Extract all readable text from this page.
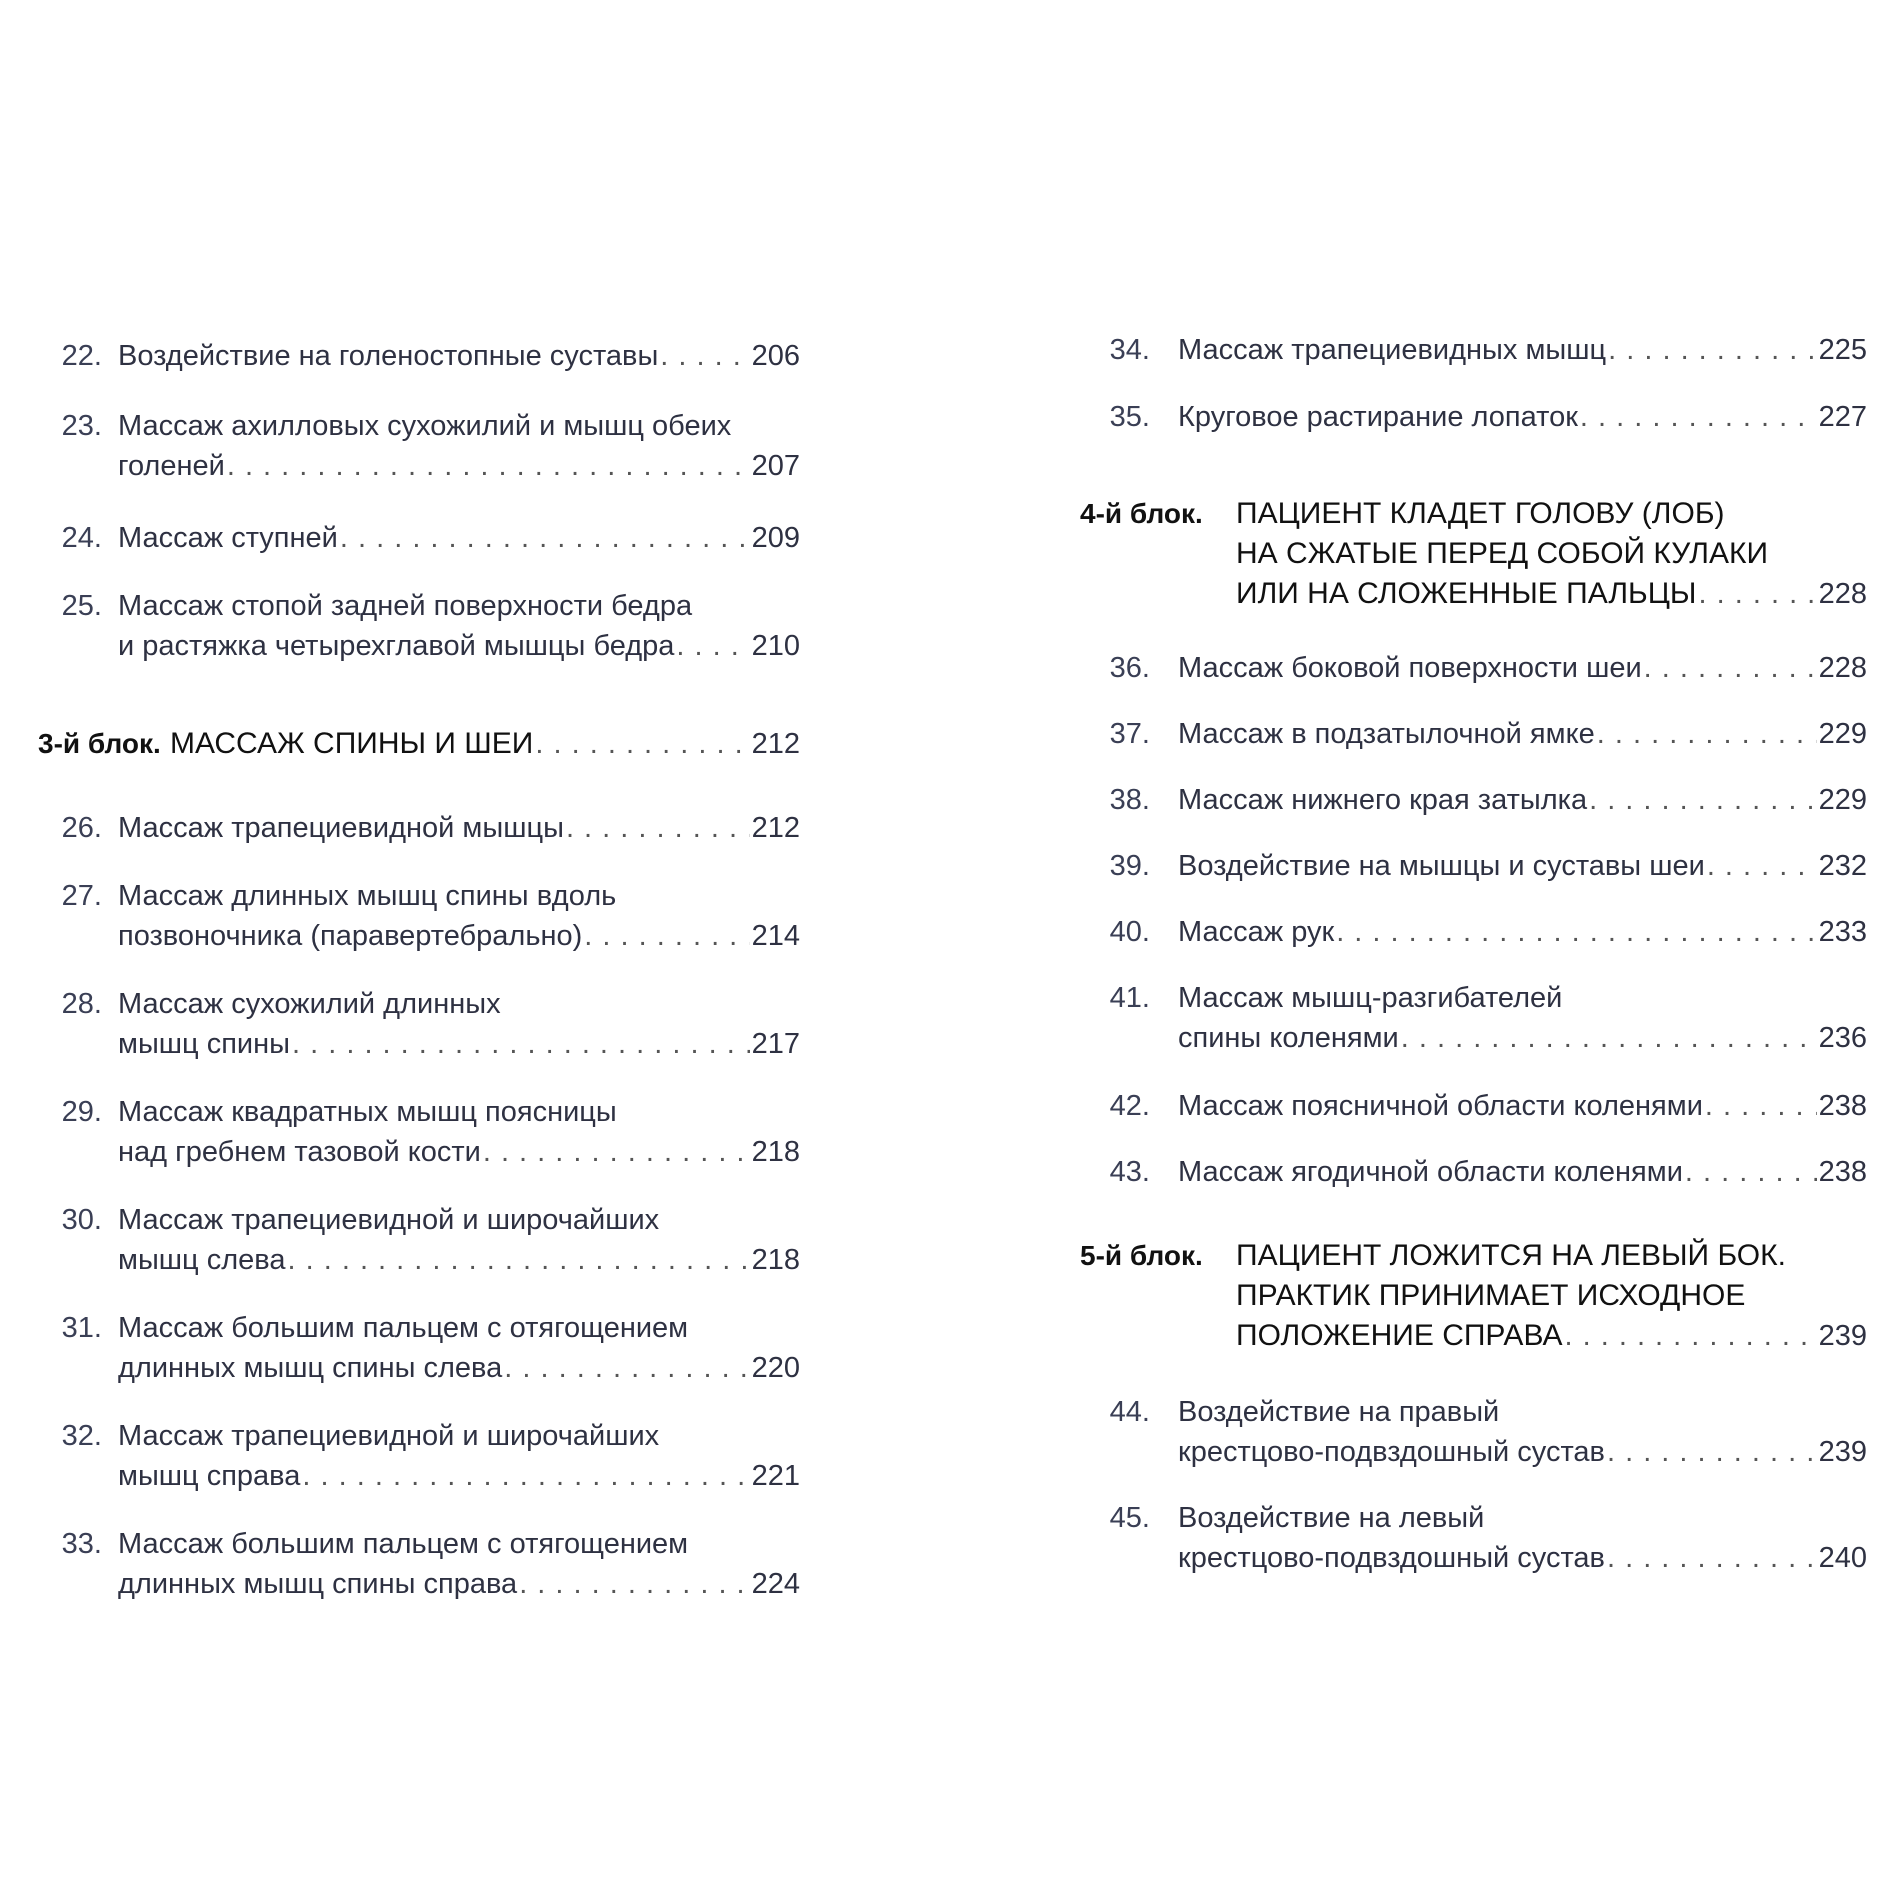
22. Воздействие на голеностопные суставы . . .	206
23. Массаж ахилловых сухожилий и мышц обеих
голеней . . .	207
24. Массаж ступней . . .	209
25. Массаж стопой задней поверхности бедра
и растяжка четырехглавой мышцы бедра . . .	210
3-й блок. МАССАЖ СПИНЫ И ШЕИ . . .	212
26. Массаж трапециевидной мышцы . . .	212
27. Массаж длинных мышц спины вдоль
позвоночника (паравертебрально) . . .	214
28. Массаж сухожилий длинных
мышц спины . . .	217
29. Массаж квадратных мышц поясницы
над гребнем тазовой кости . . .	218
30. Массаж трапециевидной и широчайших
мышц слева . . .	218
31. Массаж большим пальцем с отягощением
длинных мышц спины слева . . .	220
32. Массаж трапециевидной и широчайших
мышц справа . . .	221
33. Массаж большим пальцем с отягощением
длинных мышц спины справа . . .	224
34. Массаж трапециевидных мышц . . .	225
35. Круговое растирание лопаток . . .	227
4-й блок. ПАЦИЕНТ КЛАДЕТ ГОЛОВУ (ЛОБ)
НА СЖАТЫЕ ПЕРЕД СОБОЙ КУЛАКИ
ИЛИ НА СЛОЖЕННЫЕ ПАЛЬЦЫ . . .	228
36. Массаж боковой поверхности шеи . . .	228
37. Массаж в подзатылочной ямке . . .	229
38. Массаж нижнего края затылка . . .	229
39. Воздействие на мышцы и суставы шеи . . .	232
40. Массаж рук . . .	233
41. Массаж мышц-разгибателей
спины коленями . . .	236
42. Массаж поясничной области коленями . . .	238
43. Массаж ягодичной области коленями . . .	238
5-й блок. ПАЦИЕНТ ЛОЖИТСЯ НА ЛЕВЫЙ БОК.
ПРАКТИК ПРИНИМАЕТ ИСХОДНОЕ
ПОЛОЖЕНИЕ СПРАВА . . .	239
44. Воздействие на правый
крестцово-подвздошный сустав . . .	239
45. Воздействие на левый
крестцово-подвздошный сустав . . .	240
